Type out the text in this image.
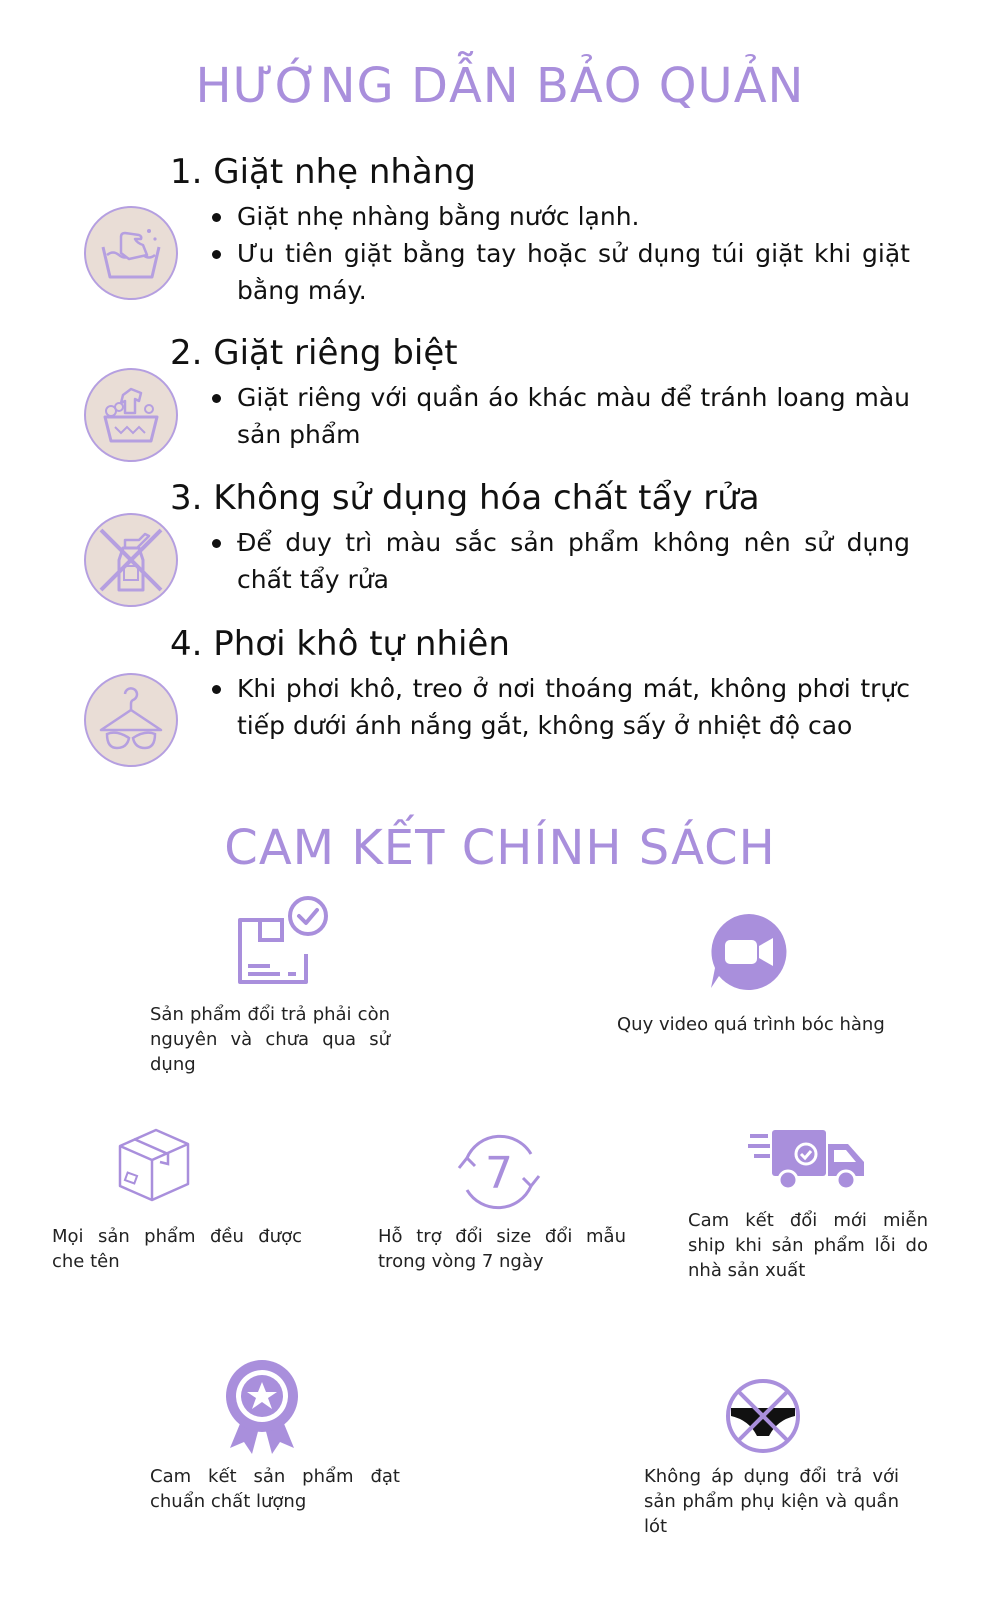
HƯỚNG DẪN BẢO QUẢN
1. Giặt nhẹ nhàng
Giặt nhẹ nhàng bằng nước lạnh.
Ưu tiên giặt bằng tay hoặc sử dụng túi giặt khi giặt bằng máy.
2. Giặt riêng biệt
Giặt riêng với quần áo khác màu để tránh loang màu sản phẩm
3. Không sử dụng hóa chất tẩy rửa
Để duy trì màu sắc sản phẩm không nên sử dụng chất tẩy rửa
4. Phơi khô tự nhiên
Khi phơi khô, treo ở nơi thoáng mát, không phơi trực tiếp dưới ánh nắng gắt, không sấy ở nhiệt độ cao
CAM KẾT CHÍNH SÁCH
Sản phẩm đổi trả phải còn nguyên và chưa qua sử dụng
Quy video quá trình bóc hàng
Mọi sản phẩm đều được che tên
7
Hỗ trợ đổi size đổi mẫu trong vòng 7 ngày
Cam kết đổi mới miễn ship khi sản phẩm lỗi do nhà sản xuất
Cam kết sản phẩm đạt chuẩn chất lượng
Không áp dụng đổi trả với sản phẩm phụ kiện và quần lót
